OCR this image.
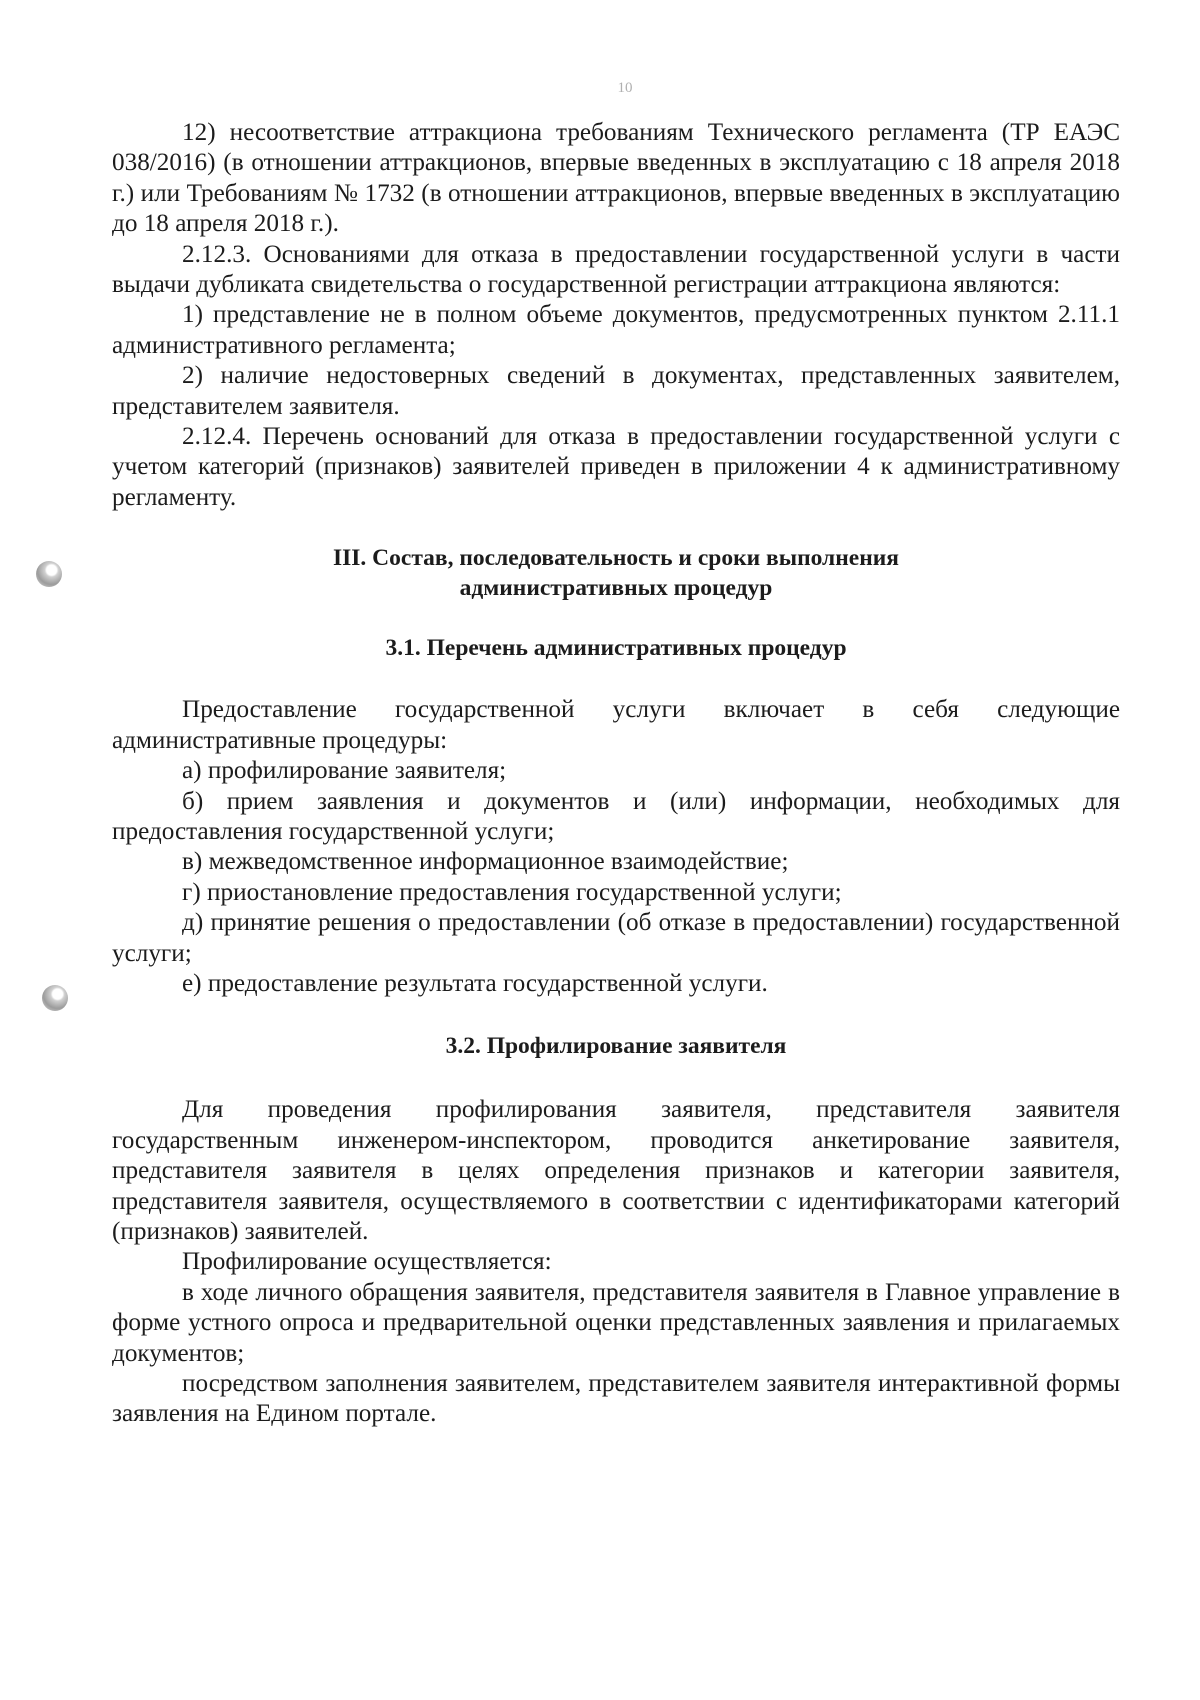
10

12) несоответствие аттракциона требованиям Технического регламента (ТР ЕАЭС 038/2016) (в отношении аттракционов, впервые введенных в эксплуатацию с 18 апреля 2018 г.) или Требованиям № 1732 (в отношении аттракционов, впервые введенных в эксплуатацию до 18 апреля 2018 г.).

2.12.3. Основаниями для отказа в предоставлении государственной услуги в части выдачи дубликата свидетельства о государственной регистрации аттракциона являются:

1) представление не в полном объеме документов, предусмотренных пунктом 2.11.1 административного регламента;

2) наличие недостоверных сведений в документах, представленных заявителем, представителем заявителя.

2.12.4. Перечень оснований для отказа в предоставлении государственной услуги с учетом категорий (признаков) заявителей приведен в приложении 4 к административному регламенту.

III. Состав, последовательность и сроки выполнения

административных процедур

3.1. Перечень административных процедур

Предоставление государственной услуги включает в себя следующие административные процедуры:

а) профилирование заявителя;

б) прием заявления и документов и (или) информации, необходимых для предоставления государственной услуги;

в) межведомственное информационное взаимодействие;

г) приостановление предоставления государственной услуги;

д) принятие решения о предоставлении (об отказе в предоставлении) государственной услуги;

е) предоставление результата государственной услуги.

3.2. Профилирование заявителя

Для проведения профилирования заявителя, представителя заявителя государственным инженером-инспектором, проводится анкетирование заявителя, представителя заявителя в целях определения признаков и категории заявителя, представителя заявителя, осуществляемого в соответствии с идентификаторами категорий (признаков) заявителей.

Профилирование осуществляется:

в ходе личного обращения заявителя, представителя заявителя в Главное управление в форме устного опроса и предварительной оценки представленных заявления и прилагаемых документов;

посредством заполнения заявителем, представителем заявителя интерактивной формы заявления на Едином портале.
